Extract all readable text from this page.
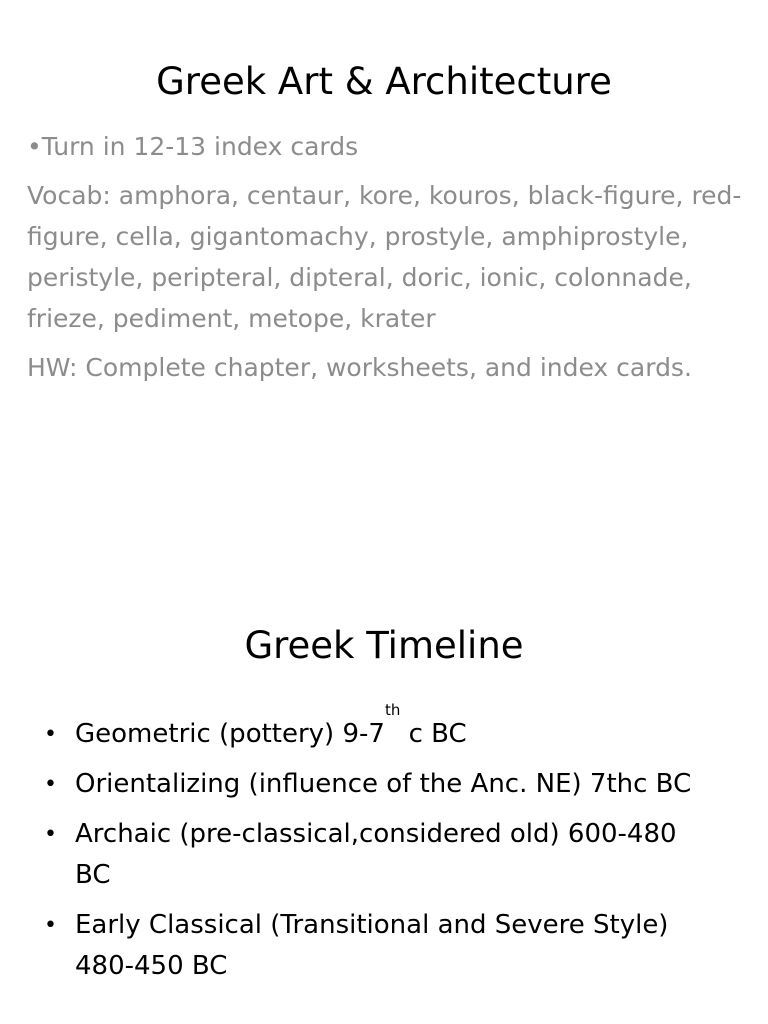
Greek Art & Architecture
•Turn in 12-13 index cards
Vocab: amphora, centaur, kore, kouros, black-figure, red-figure, cella, gigantomachy, prostyle, amphiprostyle, peristyle, peripteral, dipteral, doric, ionic, colonnade, frieze, pediment, metope, krater
HW: Complete chapter, worksheets, and index cards.
Greek Timeline
• Geometric (pottery) 9-7th c BC
• Orientalizing (influence of the Anc. NE) 7thc BC
• Archaic (pre-classical,considered old) 600-480 BC
• Early Classical (Transitional and Severe Style) 480-450 BC
